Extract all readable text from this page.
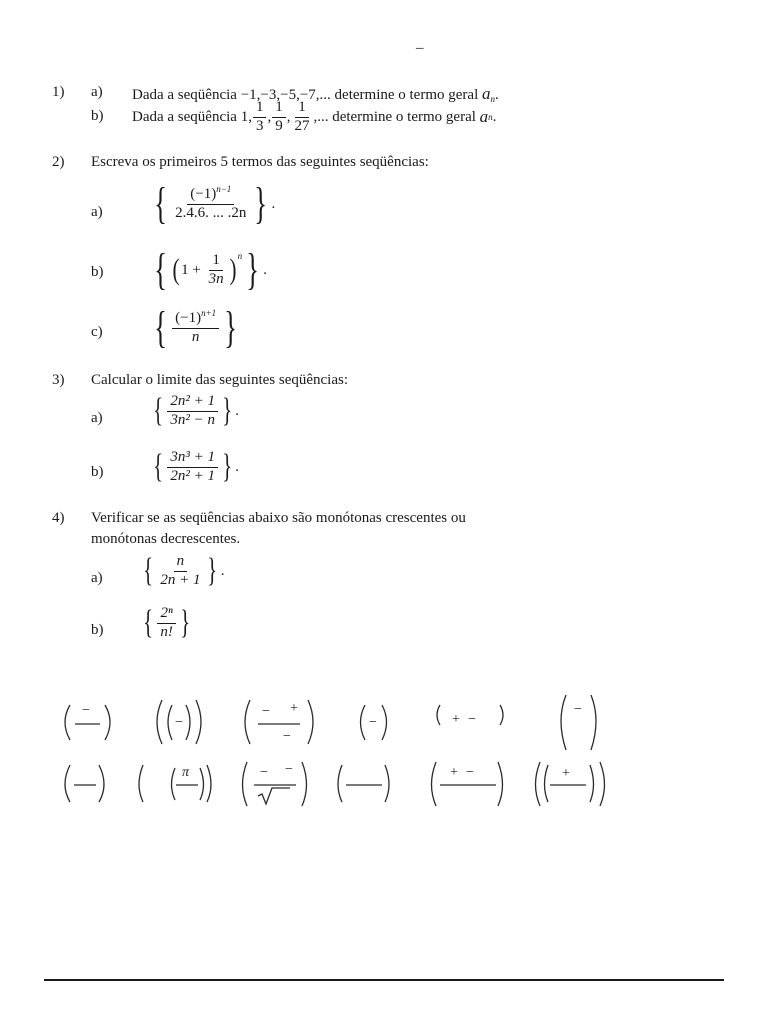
–
1) a) Dada a seqüência −1,−3,−5,−7,... determine o termo geral an.
b) Dada a seqüência
1, $\frac{1}{3}$ , $\frac{1}{9}$ , $\frac{1}{27}$ ,...
determine o termo geral
a n .
2) Escreva os primeiros 5 termos das seguintes seqüências:
a) { $\frac{(-1)^{n-1}}{2.4.6. ... .2n}$ } .
b) { ( 1 +
$\frac{1}{3n}$ ) n } .
c) { $\frac{(-1)^{n+1}}{n}$ }
3) Calcular o limite das seguintes seqüências:
a) { $\frac{\text{2n² + 1}}{\text{3n² − n}}$ } .
b) { $\frac{\text{3n³ + 1}}{\text{2n² + 1}}$ } .
4) Verificar se as seqüências abaixo são monótonas crescentes ou
monótonas decrescentes.
a) { $\frac{n}{2n + 1}$ } .
b) { $\frac{\text{2ⁿ}}{n!}$ }
−
−
− +
−
−	+ −
−
π	− −	+ −	+
